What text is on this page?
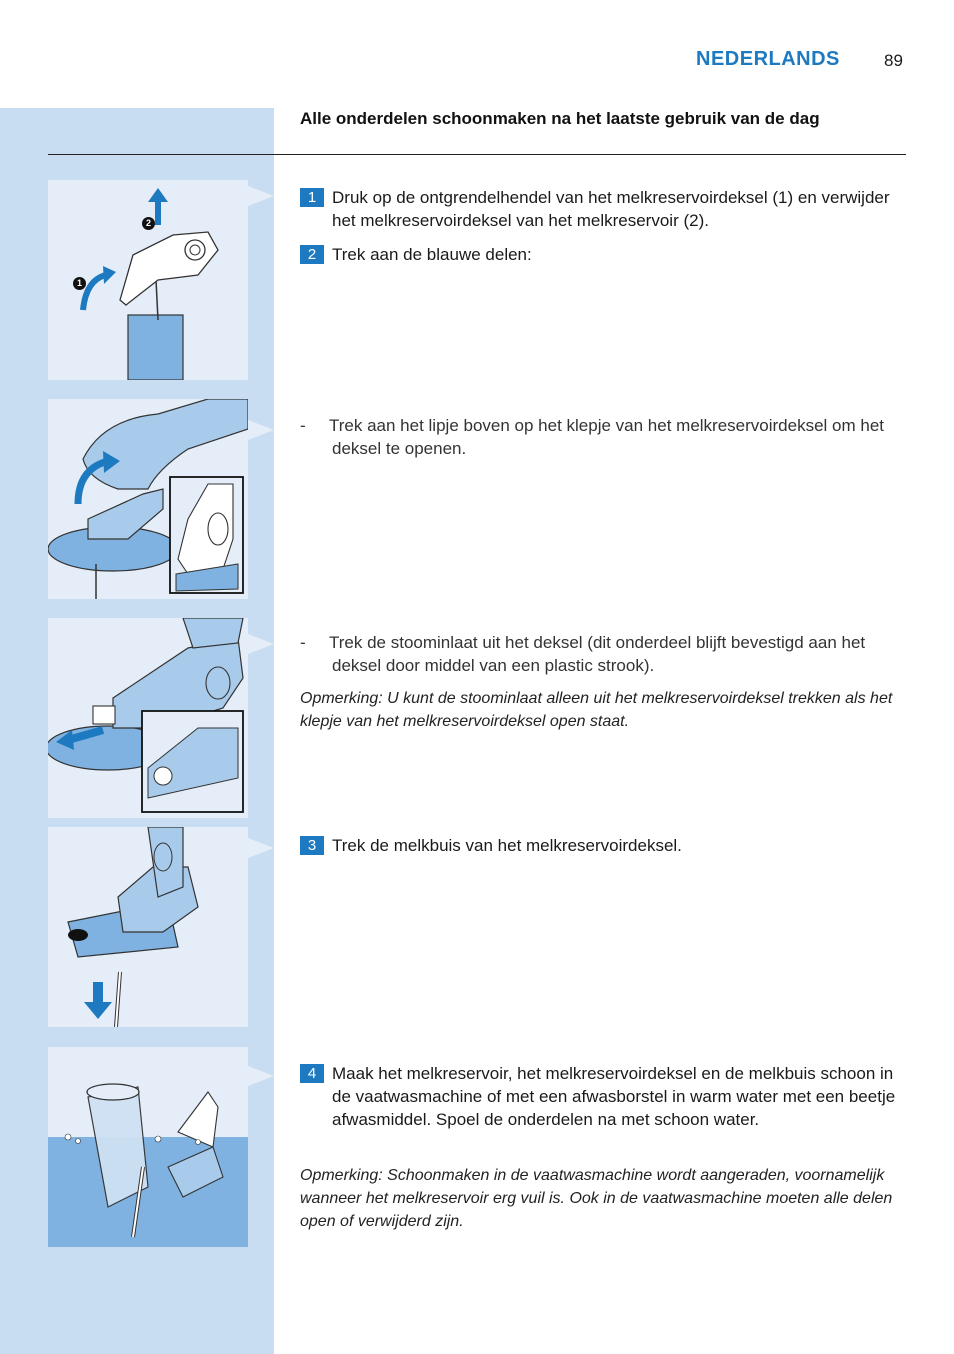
NEDERLANDS	89
Alle onderdelen schoonmaken na het laatste gebruik van de dag
2
1
1 Druk op de ontgrendelhendel van het melkreservoirdeksel (1) en verwijder het melkreservoirdeksel van het melkreservoir (2).
2 Trek aan de blauwe delen:
- Trek aan het lipje boven op het klepje van het melkreservoirdeksel om het deksel te openen.
- Trek de stoominlaat uit het deksel (dit onderdeel blijft bevestigd aan het deksel door middel van een plastic strook).
Opmerking: U kunt de stoominlaat alleen uit het melkreservoirdeksel trekken als het klepje van het melkreservoirdeksel open staat.
3 Trek de melkbuis van het melkreservoirdeksel.
4 Maak het melkreservoir, het melkreservoirdeksel en de melkbuis schoon in de vaatwasmachine of met een afwasborstel in warm water met een beetje afwasmiddel. Spoel de onderdelen na met schoon water.
Opmerking: Schoonmaken in de vaatwasmachine wordt aangeraden, voornamelijk wanneer het melkreservoir erg vuil is. Ook in de vaatwasmachine moeten alle delen open of verwijderd zijn.
